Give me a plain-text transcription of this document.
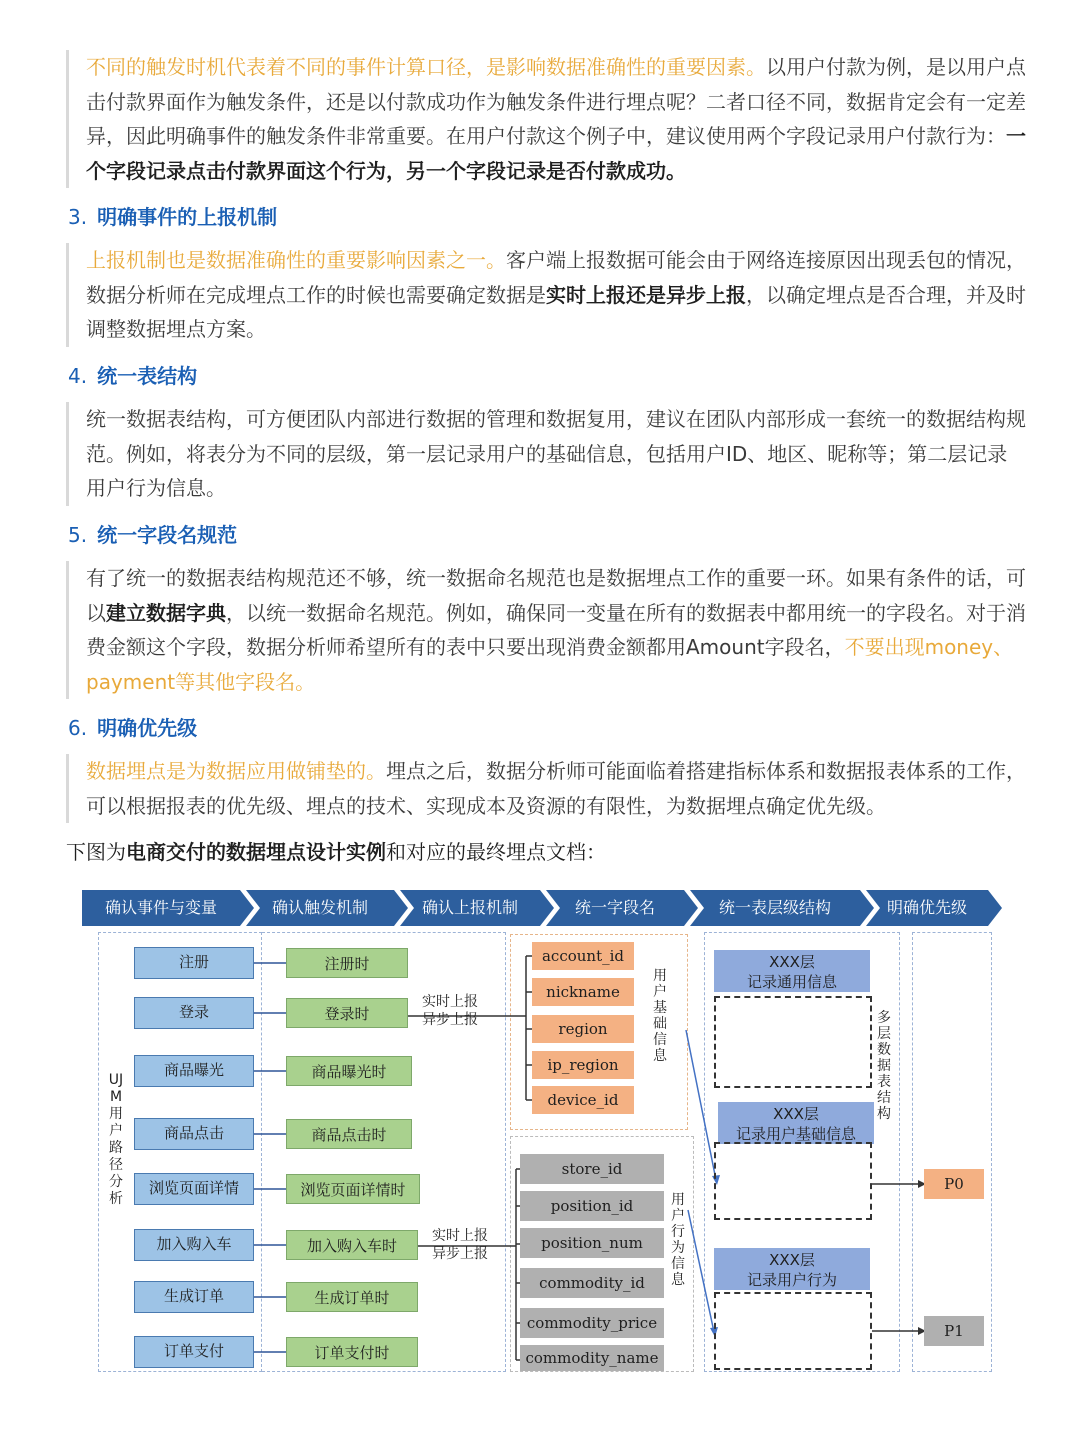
不同的触发时机代表着不同的事件计算口径，是影响数据准确性的重要因素。以用户付款为例，是以用户点击付款界面作为触发条件，还是以付款成功作为触发条件进行埋点呢？二者口径不同，数据肯定会有一定差异，因此明确事件的触发条件非常重要。在用户付款这个例子中，建议使用两个字段记录用户付款行为：一个字段记录点击付款界面这个行为，另一个字段记录是否付款成功。
3. 明确事件的上报机制
上报机制也是数据准确性的重要影响因素之一。客户端上报数据可能会由于网络连接原因出现丢包的情况，数据分析师在完成埋点工作的时候也需要确定数据是实时上报还是异步上报，以确定埋点是否合理，并及时调整数据埋点方案。
4. 统一表结构
统一数据表结构，可方便团队内部进行数据的管理和数据复用，建议在团队内部形成一套统一的数据结构规范。例如，将表分为不同的层级，第一层记录用户的基础信息，包括用户ID、地区、昵称等；第二层记录用户行为信息。
5. 统一字段名规范
有了统一的数据表结构规范还不够，统一数据命名规范也是数据埋点工作的重要一环。如果有条件的话，可以建立数据字典，以统一数据命名规范。例如，确保同一变量在所有的数据表中都用统一的字段名。对于消费金额这个字段，数据分析师希望所有的表中只要出现消费金额都用Amount字段名，不要出现money、payment等其他字段名。
6. 明确优先级
数据埋点是为数据应用做铺垫的。埋点之后，数据分析师可能面临着搭建指标体系和数据报表体系的工作，可以根据报表的优先级、埋点的技术、实现成本及资源的有限性，为数据埋点确定优先级。
下图为电商交付的数据埋点设计实例和对应的最终埋点文档：
确认事件与变量	确认触发机制	确认上报机制	统一字段名	统一表层级结构	明确优先级
UJM用户路径分析
注册
登录
商品曝光
商品点击
浏览页面详情
加入购入车
生成订单
订单支付
注册时
登录时
商品曝光时
商品点击时
浏览页面详情时
加入购入车时
生成订单时
订单支付时
实时上报
异步上报
实时上报
异步上报
account_id
nickname
region
ip_region
device_id
用户基础信息
store_id
position_id
position_num
commodity_id
commodity_price
commodity_name
用户行为信息
XXX层
记录通用信息
XXX层
记录用户基础信息
XXX层
记录用户行为
多层数据表结构
P0
P1
